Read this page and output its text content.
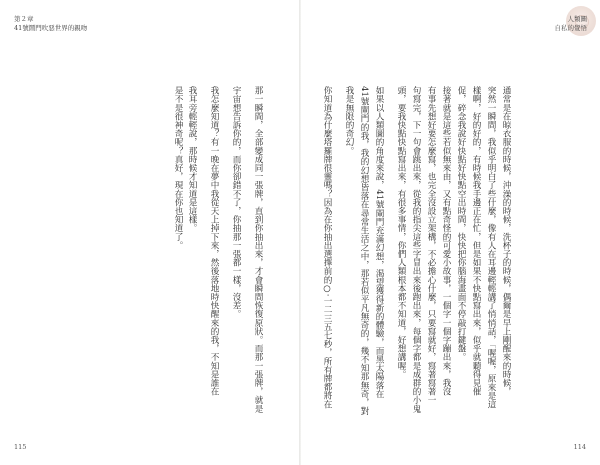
第２章
41號鬧門吹惡世界的親吻
是不是很神奇呢？真好，現在你也知道了。 我耳旁輕輕說，那時候才知道是這樣。 我怎麼知道？有一晚在夢中我從天上掉下來，然後落地時快醒來的我，不知是誰在 宇宙想告訴你的，而你卻錯不了，你抽那一張都一樣，沒差。 那一瞬間，全部變成同一張牌，直到你抽出來，才會瞬間恢復原狀。而那一張牌，就是
115
人類圖
自私的覺悟
你知道為什麼塔羅牌很靈嗎？因為在你抽出選擇前的○‧一二三五七秒，所有牌都將在 我是無限的奇幻。 41號閘門的我，我的幻想皆落在尋常生活之中，那若似平凡無奇的，幾不知那無奇，對 如果以人類圖的角度來說，41號閘門充滿幻想，渴望獲得新的體驗，而黑太陽落在 頭，要我快點快點寫出來，有很多事情，你們人類根本都不知道，好想講喔。 句寫完，下一句會跳出來，從我的指尖這些字冒出來後跑出來，每個字都是成群的小鬼 有事先想好要怎麼寫，也完全沒設立架構，不必擔心什麼，只要寫就好，寫著寫著一 接著就是這些若似無來由，又有點奇怪的可愛小故事，一個字一個字蹦出來，我沒 促，碎念我說好快點好快點空出時間，快快把你腦海畫面不停敲打鍵盤。 樣啊，好的好的，有時候我手邊正在忙，但是如果不快點寫出來，似乎就聽得見催 突然一瞬間，我似乎明白了些什麼，像有人在耳邊輕輕講了悄悄話，「喔喔，原來是這 通常是在晾衣服的時候，沖澡的時候，洗杯子的時候，偶爾是早上剛醒來的時候，
114
